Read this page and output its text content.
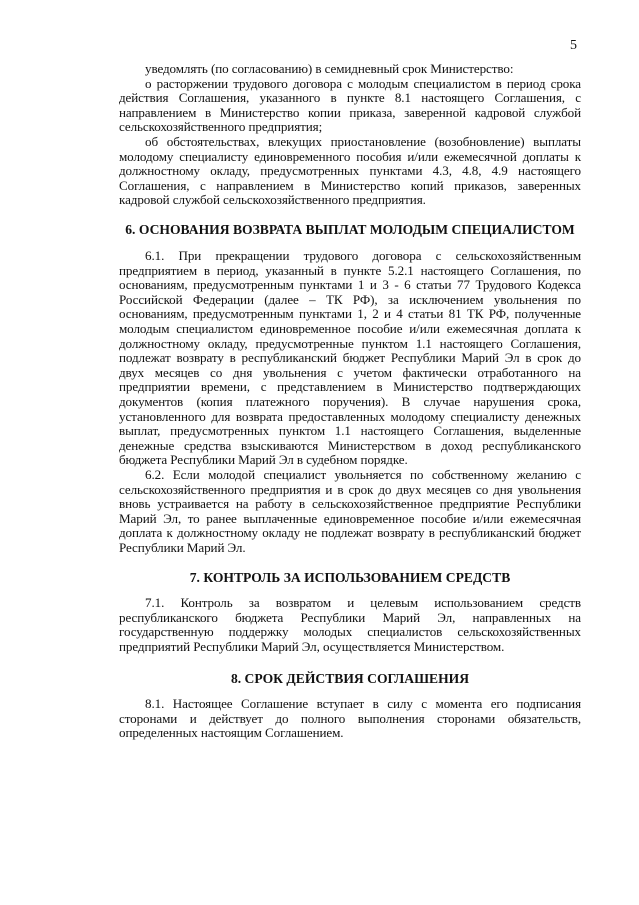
5

уведомлять (по согласованию) в семидневный срок Министерство:

о расторжении трудового договора с молодым специалистом в период срока действия Соглашения, указанного в пункте 8.1 настоящего Соглашения, с направлением в Министерство копии приказа, заверенной кадровой службой сельскохозяйственного предприятия;

об обстоятельствах, влекущих приостановление (возобновление) выплаты молодому специалисту единовременного пособия и/или ежемесячной доплаты к должностному окладу, предусмотренных пунктами 4.3, 4.8, 4.9 настоящего Соглашения, с направлением в Министерство копий приказов, заверенных кадровой службой сельскохозяйственного предприятия.

6. ОСНОВАНИЯ ВОЗВРАТА ВЫПЛАТ МОЛОДЫМ СПЕЦИАЛИСТОМ

6.1. При прекращении трудового договора с сельскохозяйственным предприятием в период, указанный в пункте 5.2.1 настоящего Соглашения, по основаниям, предусмотренным пунктами 1 и 3 - 6 статьи 77 Трудового Кодекса Российской Федерации (далее – ТК РФ), за исключением увольнения по основаниям, предусмотренным пунктами 1, 2 и 4 статьи 81 ТК РФ, полученные молодым специалистом единовременное пособие и/или ежемесячная доплата к должностному окладу, предусмотренные пунктом 1.1 настоящего Соглашения, подлежат возврату в республиканский бюджет Республики Марий Эл в срок до двух месяцев со дня увольнения с учетом фактически отработанного на предприятии времени, с представлением в Министерство подтверждающих документов (копия платежного поручения). В случае нарушения срока, установленного для возврата предоставленных молодому специалисту денежных выплат, предусмотренных пунктом 1.1 настоящего Соглашения, выделенные денежные средства взыскиваются Министерством в доход республиканского бюджета Республики Марий Эл в судебном порядке.

6.2. Если молодой специалист увольняется по собственному желанию с сельскохозяйственного предприятия и в срок до двух месяцев со дня увольнения вновь устраивается на работу в сельскохозяйственное предприятие Республики Марий Эл, то ранее выплаченные единовременное пособие и/или ежемесячная доплата к должностному окладу не подлежат возврату в республиканский бюджет Республики Марий Эл.

7. КОНТРОЛЬ ЗА ИСПОЛЬЗОВАНИЕМ СРЕДСТВ

7.1. Контроль за возвратом и целевым использованием средств республиканского бюджета Республики Марий Эл, направленных на государственную поддержку молодых специалистов сельскохозяйственных предприятий Республики Марий Эл, осуществляется Министерством.

8. СРОК ДЕЙСТВИЯ СОГЛАШЕНИЯ

8.1. Настоящее Соглашение вступает в силу с момента его подписания сторонами и действует до полного выполнения сторонами обязательств, определенных настоящим Соглашением.
